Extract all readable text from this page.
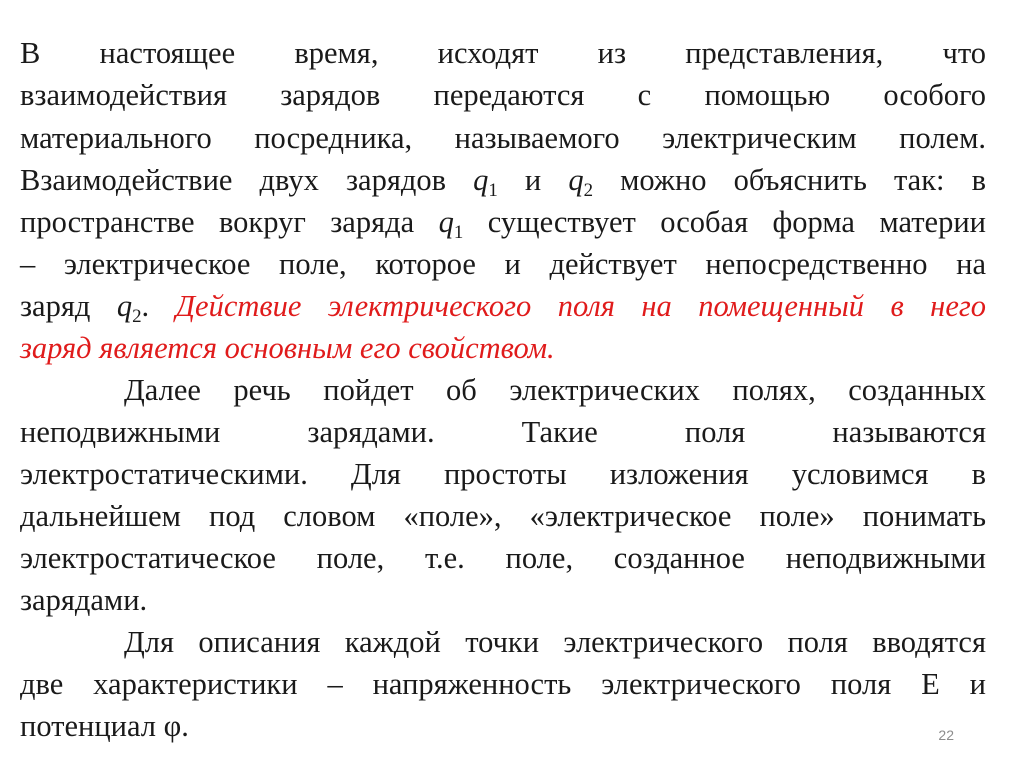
В настоящее время, исходят из представления, что
взаимодействия зарядов передаются с помощью особого
материального посредника, называемого электрическим полем.
Взаимодействие двух зарядов $q_1$ и $q_2$ можно объяснить так: в
пространстве вокруг заряда $q_1$ существует особая форма материи
– электрическое поле, которое и действует непосредственно на
заряд $q_2$. Действие электрического поля на помещенный в него
заряд является основным его свойством.
Далее речь пойдет об электрических полях, созданных
неподвижными зарядами. Такие поля называются
электростатическими. Для простоты изложения условимся в
дальнейшем под словом «поле», «электрическое поле» понимать
электростатическое поле, т.е. поле, созданное неподвижными
зарядами.
Для описания каждой точки электрического поля вводятся
две характеристики – напряженность электрического поля Е и
потенциал φ.	22
